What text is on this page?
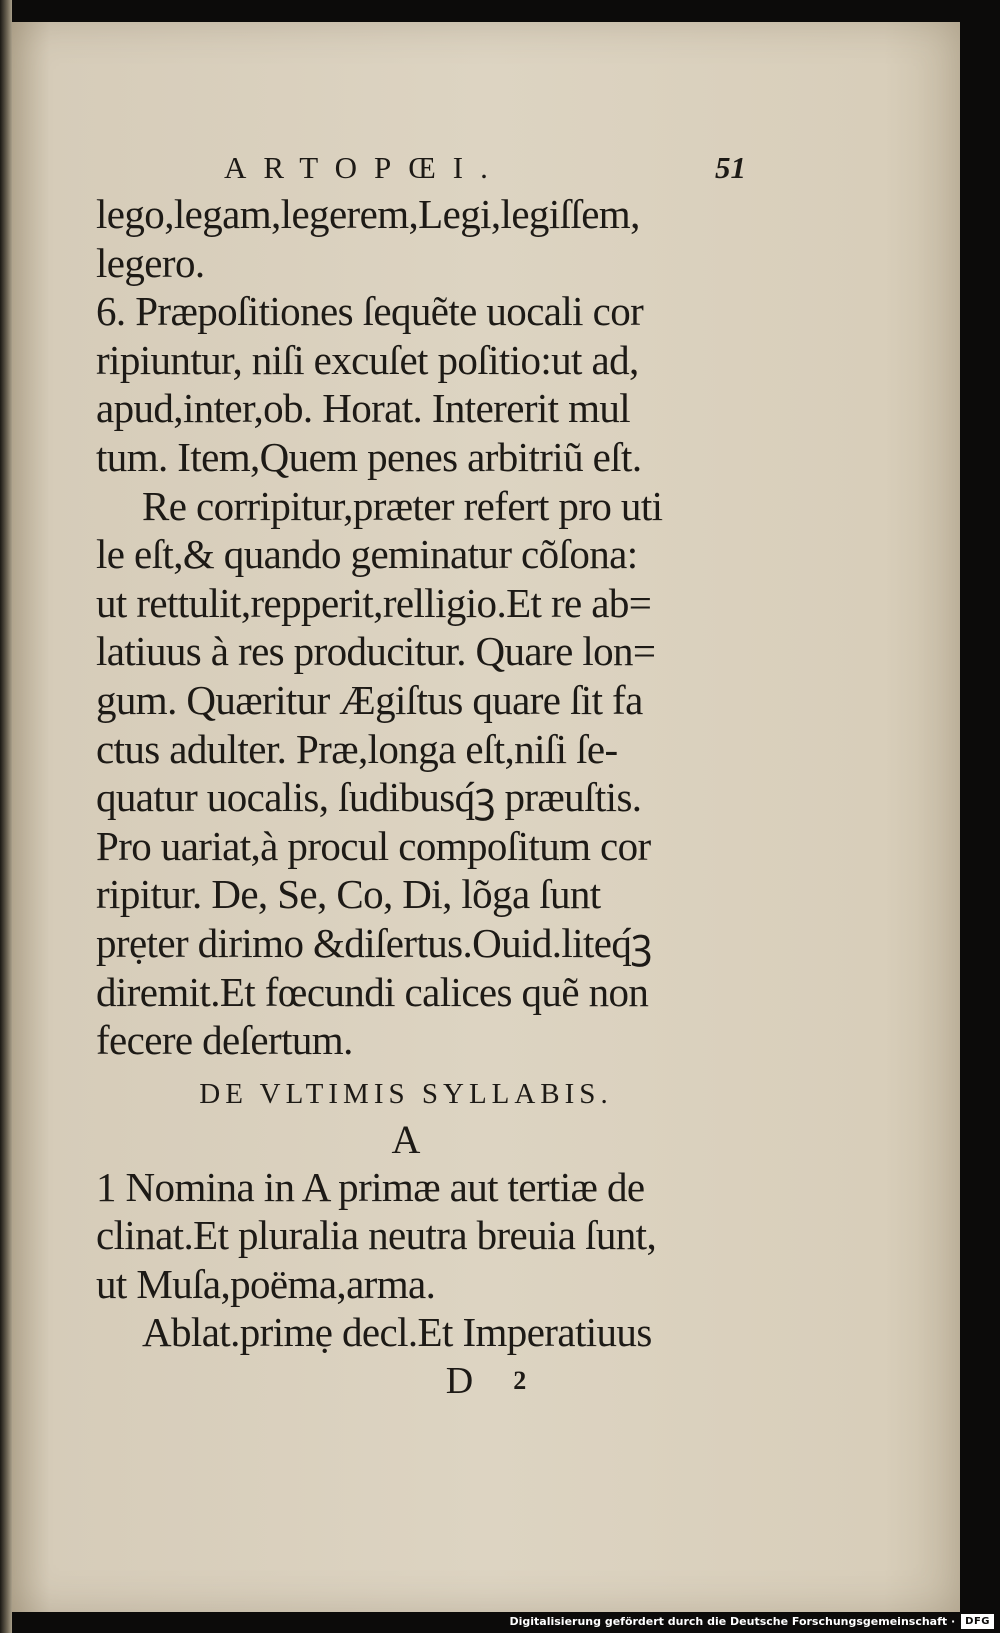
ARTOPŒI.	51
lego,legam,legerem,Legi,legiſſem,
legero.
6. Præpoſitiones ſequẽte uocali cor
ripiuntur, niſi excuſet poſitio:ut ad,
apud,inter,ob. Horat. Intererit mul
tum. Item,Quem penes arbitriũ eſt.
Re corripitur,præter refert pro uti
le eſt,& quando geminatur cõſona:
ut rettulit,repperit,relligio.Et re ab=
latiuus à res producitur. Quare lon=
gum. Quæritur Ægiſtus quare ſit fa
ctus adulter. Præ,longa eſt,niſi ſe-
quatur uocalis, ſudibusq́ꝫ præuſtis.
Pro uariat,à procul compoſitum cor
ripitur. De, Se, Co, Di, lõga ſunt
prẹter dirimo &diſertus.Ouid.liteq́ꝫ
diremit.Et fœcundi calices quẽ non
fecere deſertum.
DE VLTIMIS SYLLABIS.
A
1 Nomina in A primæ aut tertiæ de
clinat.Et pluralia neutra breuia ſunt,
ut Muſa,poëma,arma.
Ablat.primẹ decl.Et Imperatiuus
D 2
Digitalisierung gefördert durch die Deutsche Forschungsgemeinschaft ·	DFG
